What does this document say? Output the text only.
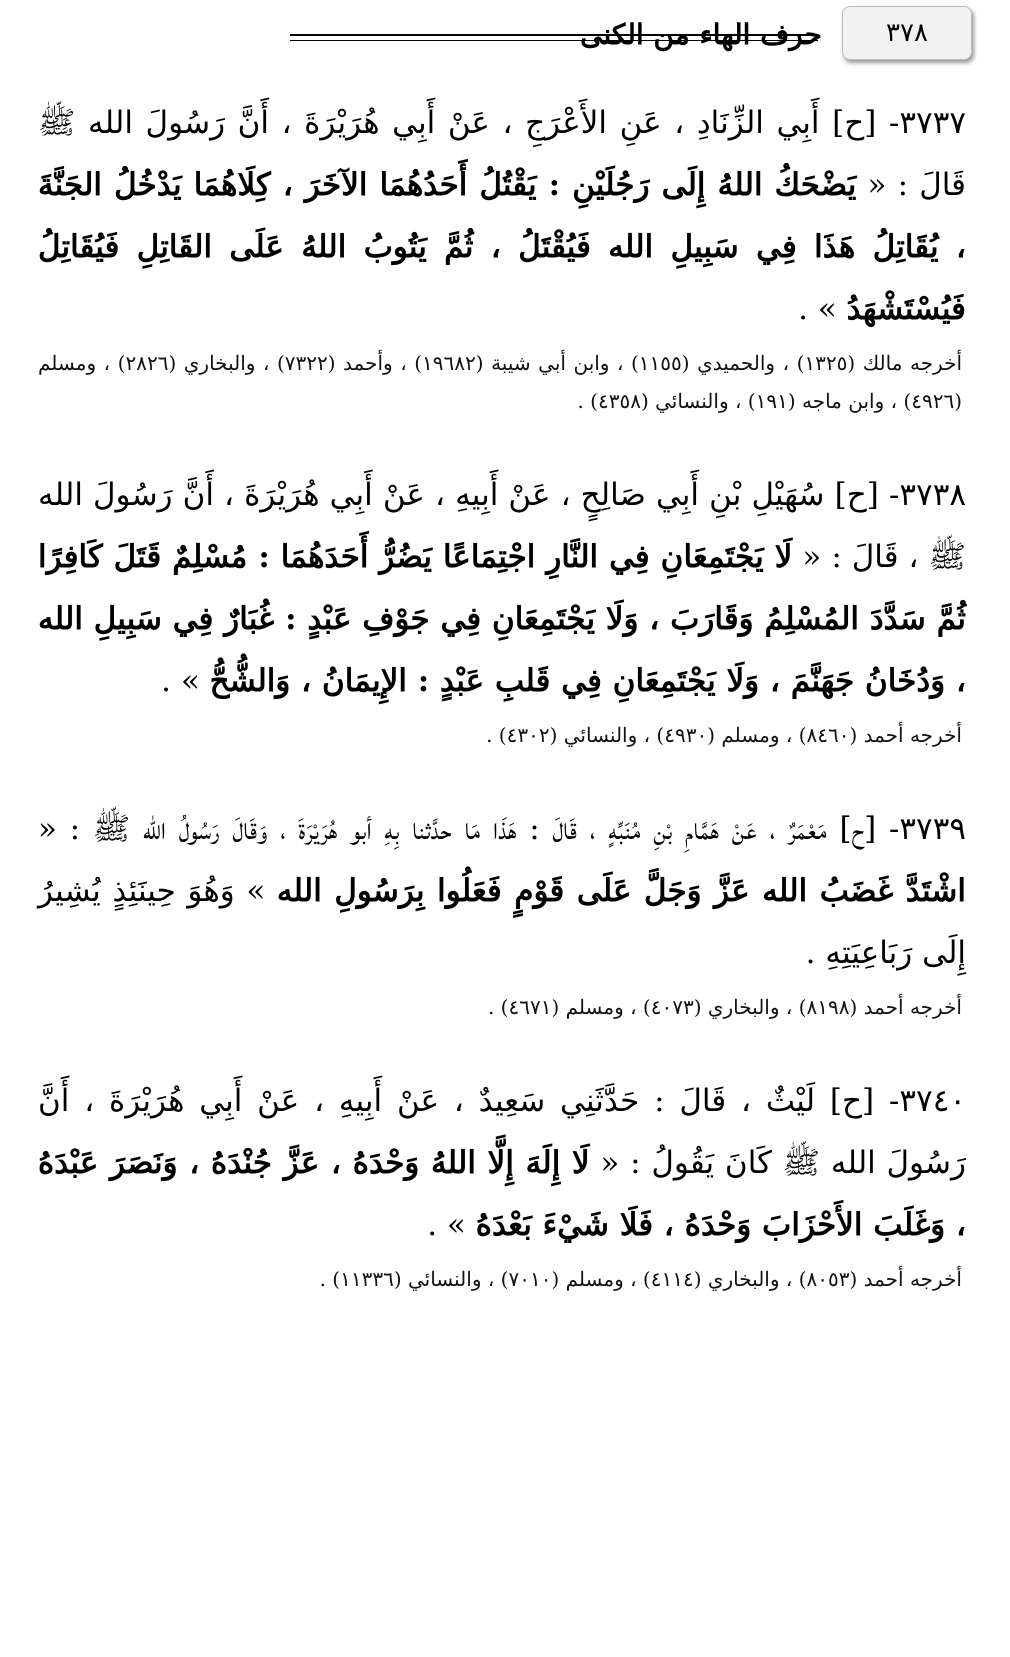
٣٧٨
حرف الهاء من الكنى

٣٧٣٧- [ح] أَبِي الزِّنَادِ ، عَنِ الأَعْرَجِ ، عَنْ أَبِي هُرَيْرَةَ ، أَنَّ رَسُولَ الله ﷺ قَالَ : « يَضْحَكُ اللهُ إِلَى رَجُلَيْنِ : يَقْتُلُ أَحَدُهُمَا الآخَرَ ، كِلَاهُمَا يَدْخُلُ الجَنَّةَ ، يُقَاتِلُ هَذَا فِي سَبِيلِ الله فَيُقْتَلُ ، ثُمَّ يَتُوبُ اللهُ عَلَى القَاتِلِ فَيُقَاتِلُ فَيُسْتَشْهَدُ » .

أخرجه مالك (١٣٢٥) ، والحميدي (١١٥٥) ، وابن أبي شيبة (١٩٦٨٢) ، وأحمد (٧٣٢٢) ، والبخاري (٢٨٢٦) ، ومسلم (٤٩٢٦) ، وابن ماجه (١٩١) ، والنسائي (٤٣٥٨) .

٣٧٣٨- [ح] سُهَيْلِ بْنِ أَبِي صَالِحٍ ، عَنْ أَبِيهِ ، عَنْ أَبِي هُرَيْرَةَ ، أَنَّ رَسُولَ الله ﷺ ، قَالَ : « لَا يَجْتَمِعَانِ فِي النَّارِ اجْتِمَاعًا يَضُرُّ أَحَدَهُمَا : مُسْلِمٌ قَتَلَ كَافِرًا ثُمَّ سَدَّدَ المُسْلِمُ وَقَارَبَ ، وَلَا يَجْتَمِعَانِ فِي جَوْفِ عَبْدٍ : غُبَارٌ فِي سَبِيلِ الله ، وَدُخَانُ جَهَنَّمَ ، وَلَا يَجْتَمِعَانِ فِي قَلبِ عَبْدٍ : الإِيمَانُ ، وَالشُّحُّ » .

أخرجه أحمد (٨٤٦٠) ، ومسلم (٤٩٣٠) ، والنسائي (٤٣٠٢) .

٣٧٣٩- [ح] مَعْمَرٌ ، عَنْ هَمَّامِ بْنِ مُنَبِّهٍ ، قَالَ : هَذَا مَا حدَّثنا بِهِ أبو هُرَيْرَةَ ، وَقَالَ رَسُولُ الله ﷺ : « اشْتَدَّ غَضَبُ الله عَزَّ وَجَلَّ عَلَى قَوْمٍ فَعَلُوا بِرَسُولِ الله » وَهُوَ حِينَئِذٍ يُشِيرُ إِلَى رَبَاعِيَتِهِ .

أخرجه أحمد (٨١٩٨) ، والبخاري (٤٠٧٣) ، ومسلم (٤٦٧١) .

٣٧٤٠- [ح] لَيْثٌ ، قَالَ : حَدَّثَنِي سَعِيدٌ ، عَنْ أَبِيهِ ، عَنْ أَبِي هُرَيْرَةَ ، أَنَّ رَسُولَ الله ﷺ كَانَ يَقُولُ : « لَا إِلَهَ إِلَّا اللهُ وَحْدَهُ ، عَزَّ جُنْدَهُ ، وَنَصَرَ عَبْدَهُ ، وَغَلَبَ الأَحْزَابَ وَحْدَهُ ، فَلَا شَيْءَ بَعْدَهُ » .

أخرجه أحمد (٨٠٥٣) ، والبخاري (٤١١٤) ، ومسلم (٧٠١٠) ، والنسائي (١١٣٣٦) .
